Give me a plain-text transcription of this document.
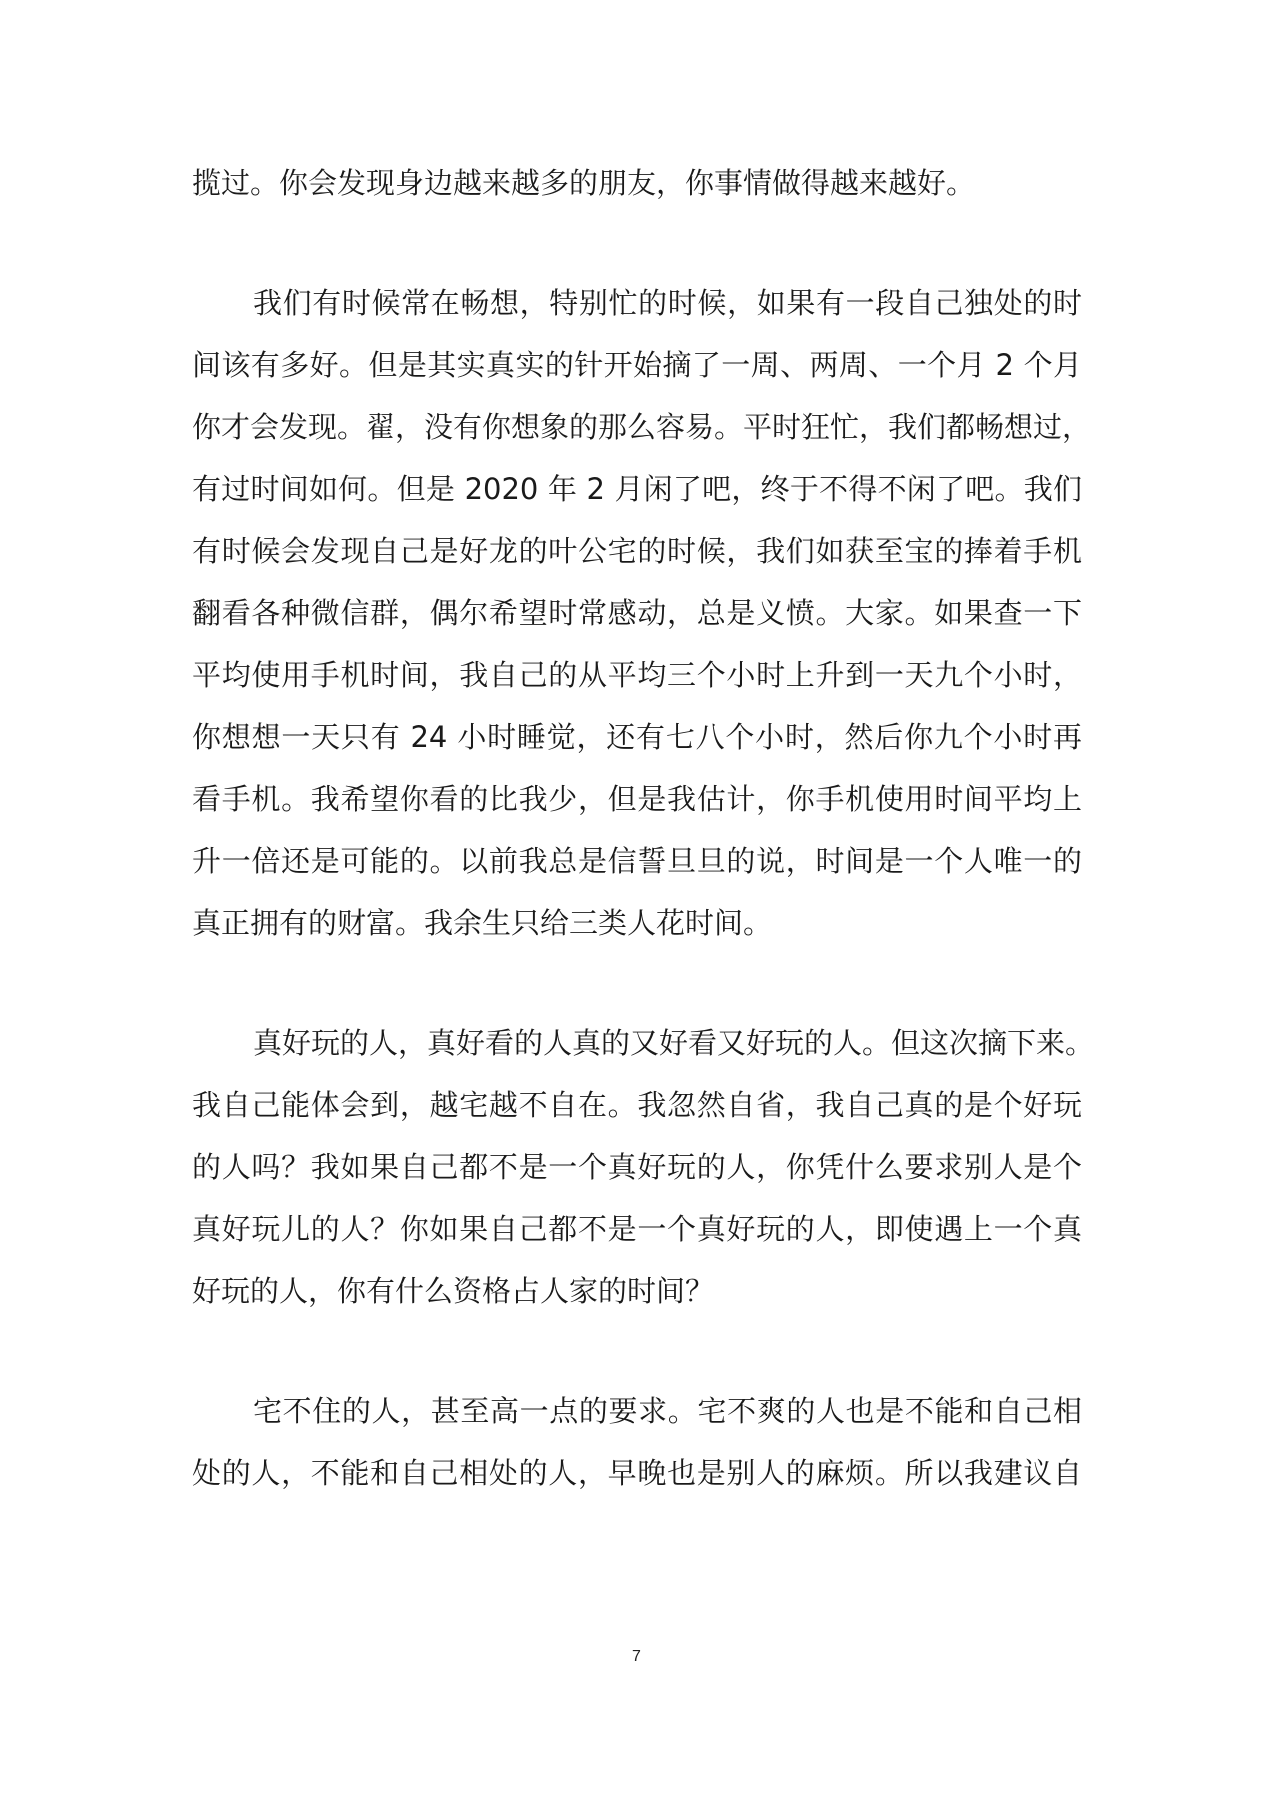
揽过。你会发现身边越来越多的朋友，你事情做得越来越好。
我们有时候常在畅想，特别忙的时候，如果有一段自己独处的时
间该有多好。但是其实真实的针开始摘了一周、两周、一个月 2 个月
你才会发现。翟，没有你想象的那么容易。平时狂忙，我们都畅想过，
有过时间如何。但是 2020 年 2 月闲了吧，终于不得不闲了吧。我们
有时候会发现自己是好龙的叶公宅的时候，我们如获至宝的捧着手机
翻看各种微信群，偶尔希望时常感动，总是义愤。大家。如果查一下
平均使用手机时间，我自己的从平均三个小时上升到一天九个小时，
你想想一天只有 24 小时睡觉，还有七八个小时，然后你九个小时再
看手机。我希望你看的比我少，但是我估计，你手机使用时间平均上
升一倍还是可能的。以前我总是信誓旦旦的说，时间是一个人唯一的
真正拥有的财富。我余生只给三类人花时间。
真好玩的人，真好看的人真的又好看又好玩的人。但这次摘下来。
我自己能体会到，越宅越不自在。我忽然自省，我自己真的是个好玩
的人吗？我如果自己都不是一个真好玩的人，你凭什么要求别人是个
真好玩儿的人？你如果自己都不是一个真好玩的人，即使遇上一个真
好玩的人，你有什么资格占人家的时间？
宅不住的人，甚至高一点的要求。宅不爽的人也是不能和自己相
处的人，不能和自己相处的人，早晚也是别人的麻烦。所以我建议自
7
